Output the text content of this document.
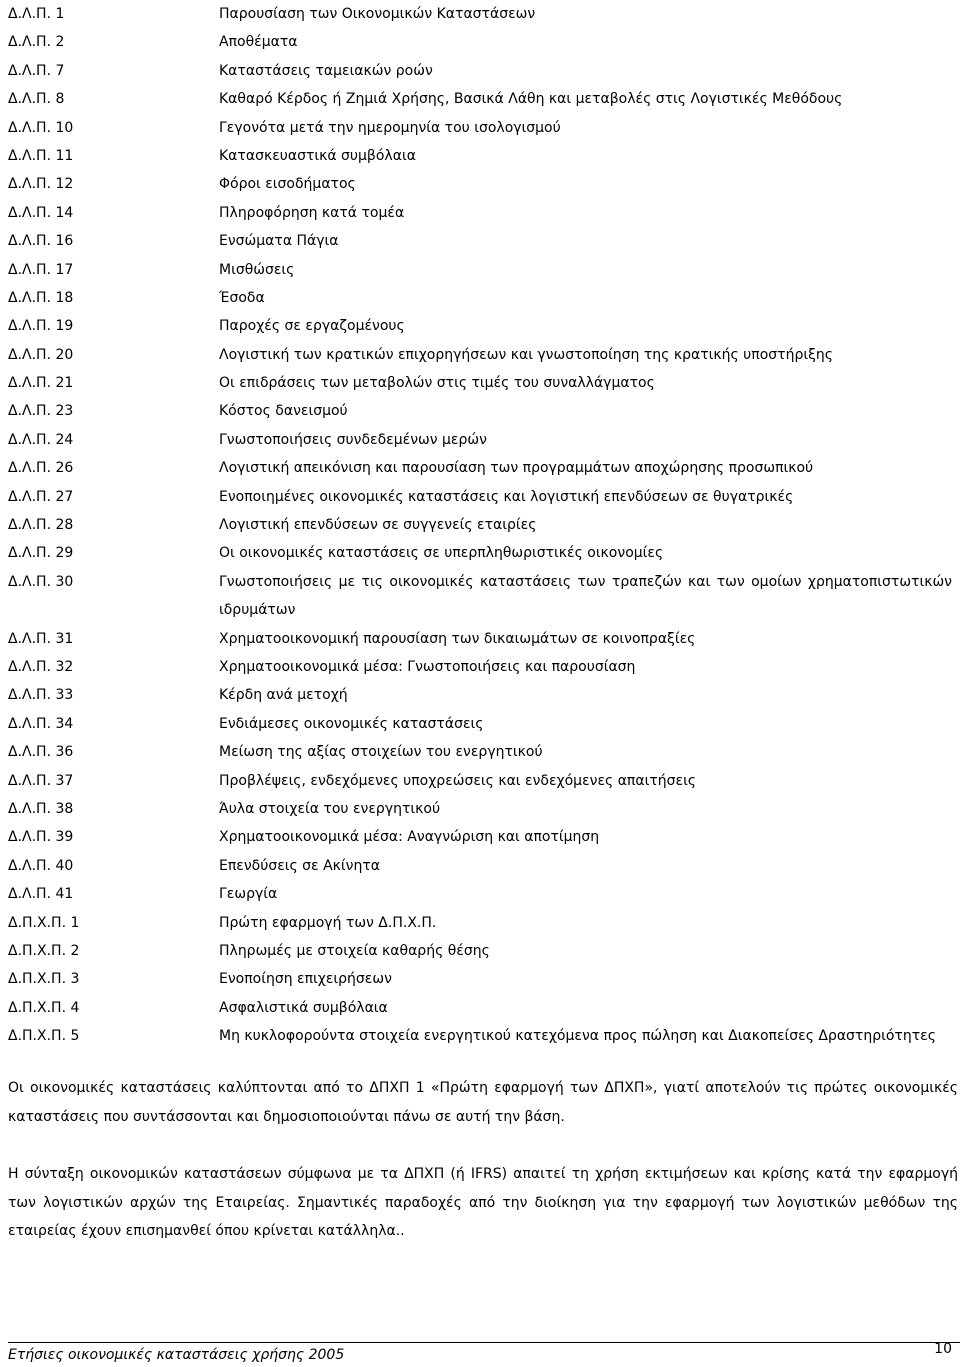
Δ.Λ.Π. 1	Παρουσίαση των Οικονομικών Καταστάσεων
Δ.Λ.Π. 2	Αποθέματα
Δ.Λ.Π. 7	Καταστάσεις ταμειακών ροών
Δ.Λ.Π. 8	Καθαρό Κέρδος ή Ζημιά Χρήσης, Βασικά Λάθη και μεταβολές στις Λογιστικές Μεθόδους
Δ.Λ.Π. 10	Γεγονότα μετά την ημερομηνία του ισολογισμού
Δ.Λ.Π. 11	Κατασκευαστικά συμβόλαια
Δ.Λ.Π. 12	Φόροι εισοδήματος
Δ.Λ.Π. 14	Πληροφόρηση κατά τομέα
Δ.Λ.Π. 16	Ενσώματα Πάγια
Δ.Λ.Π. 17	Μισθώσεις
Δ.Λ.Π. 18	Έσοδα
Δ.Λ.Π. 19	Παροχές σε εργαζομένους
Δ.Λ.Π. 20	Λογιστική των κρατικών επιχορηγήσεων και γνωστοποίηση της κρατικής υποστήριξης
Δ.Λ.Π. 21	Οι επιδράσεις των μεταβολών στις τιμές του συναλλάγματος
Δ.Λ.Π. 23	Κόστος δανεισμού
Δ.Λ.Π. 24	Γνωστοποιήσεις συνδεδεμένων μερών
Δ.Λ.Π. 26	Λογιστική απεικόνιση και παρουσίαση των προγραμμάτων αποχώρησης προσωπικού
Δ.Λ.Π. 27	Ενοποιημένες οικονομικές καταστάσεις και λογιστική επενδύσεων σε θυγατρικές
Δ.Λ.Π. 28	Λογιστική επενδύσεων σε συγγενείς εταιρίες
Δ.Λ.Π. 29	Οι οικονομικές καταστάσεις σε υπερπληθωριστικές οικονομίες
Δ.Λ.Π. 30	Γνωστοποιήσεις με τις οικονομικές καταστάσεις των τραπεζών και των ομοίων χρηματοπιστωτικών ιδρυμάτων
Δ.Λ.Π. 31	Χρηματοοικονομική παρουσίαση των δικαιωμάτων σε κοινοπραξίες
Δ.Λ.Π. 32	Χρηματοοικονομικά μέσα: Γνωστοποιήσεις και παρουσίαση
Δ.Λ.Π. 33	Κέρδη ανά μετοχή
Δ.Λ.Π. 34	Ενδιάμεσες οικονομικές καταστάσεις
Δ.Λ.Π. 36	Μείωση της αξίας στοιχείων του ενεργητικού
Δ.Λ.Π. 37	Προβλέψεις, ενδεχόμενες υποχρεώσεις και ενδεχόμενες απαιτήσεις
Δ.Λ.Π. 38	Άυλα στοιχεία του ενεργητικού
Δ.Λ.Π. 39	Χρηματοοικονομικά μέσα: Αναγνώριση και αποτίμηση
Δ.Λ.Π. 40	Επενδύσεις σε Ακίνητα
Δ.Λ.Π. 41	Γεωργία
Δ.Π.Χ.Π. 1	Πρώτη εφαρμογή των Δ.Π.Χ.Π.
Δ.Π.Χ.Π. 2	Πληρωμές με στοιχεία καθαρής θέσης
Δ.Π.Χ.Π. 3	Ενοποίηση επιχειρήσεων
Δ.Π.Χ.Π. 4	Ασφαλιστικά συμβόλαια
Δ.Π.Χ.Π. 5	Μη κυκλοφορούντα στοιχεία ενεργητικού κατεχόμενα προς πώληση και Διακοπείσες Δραστηριότητες

Οι οικονομικές καταστάσεις καλύπτονται από το ΔΠΧΠ 1 «Πρώτη εφαρμογή των ΔΠΧΠ», γιατί αποτελούν τις πρώτες οικονομικές καταστάσεις που συντάσσονται και δημοσιοποιούνται πάνω σε αυτή την βάση.

Η σύνταξη οικονομικών καταστάσεων σύμφωνα με τα ΔΠΧΠ (ή IFRS) απαιτεί τη χρήση εκτιμήσεων και κρίσης κατά την εφαρμογή των λογιστικών αρχών της Εταιρείας. Σημαντικές παραδοχές από την διοίκηση για την εφαρμογή των λογιστικών μεθόδων της εταιρείας έχουν επισημανθεί όπου κρίνεται κατάλληλα..

Ετήσιες οικονομικές καταστάσεις χρήσης 2005	10
